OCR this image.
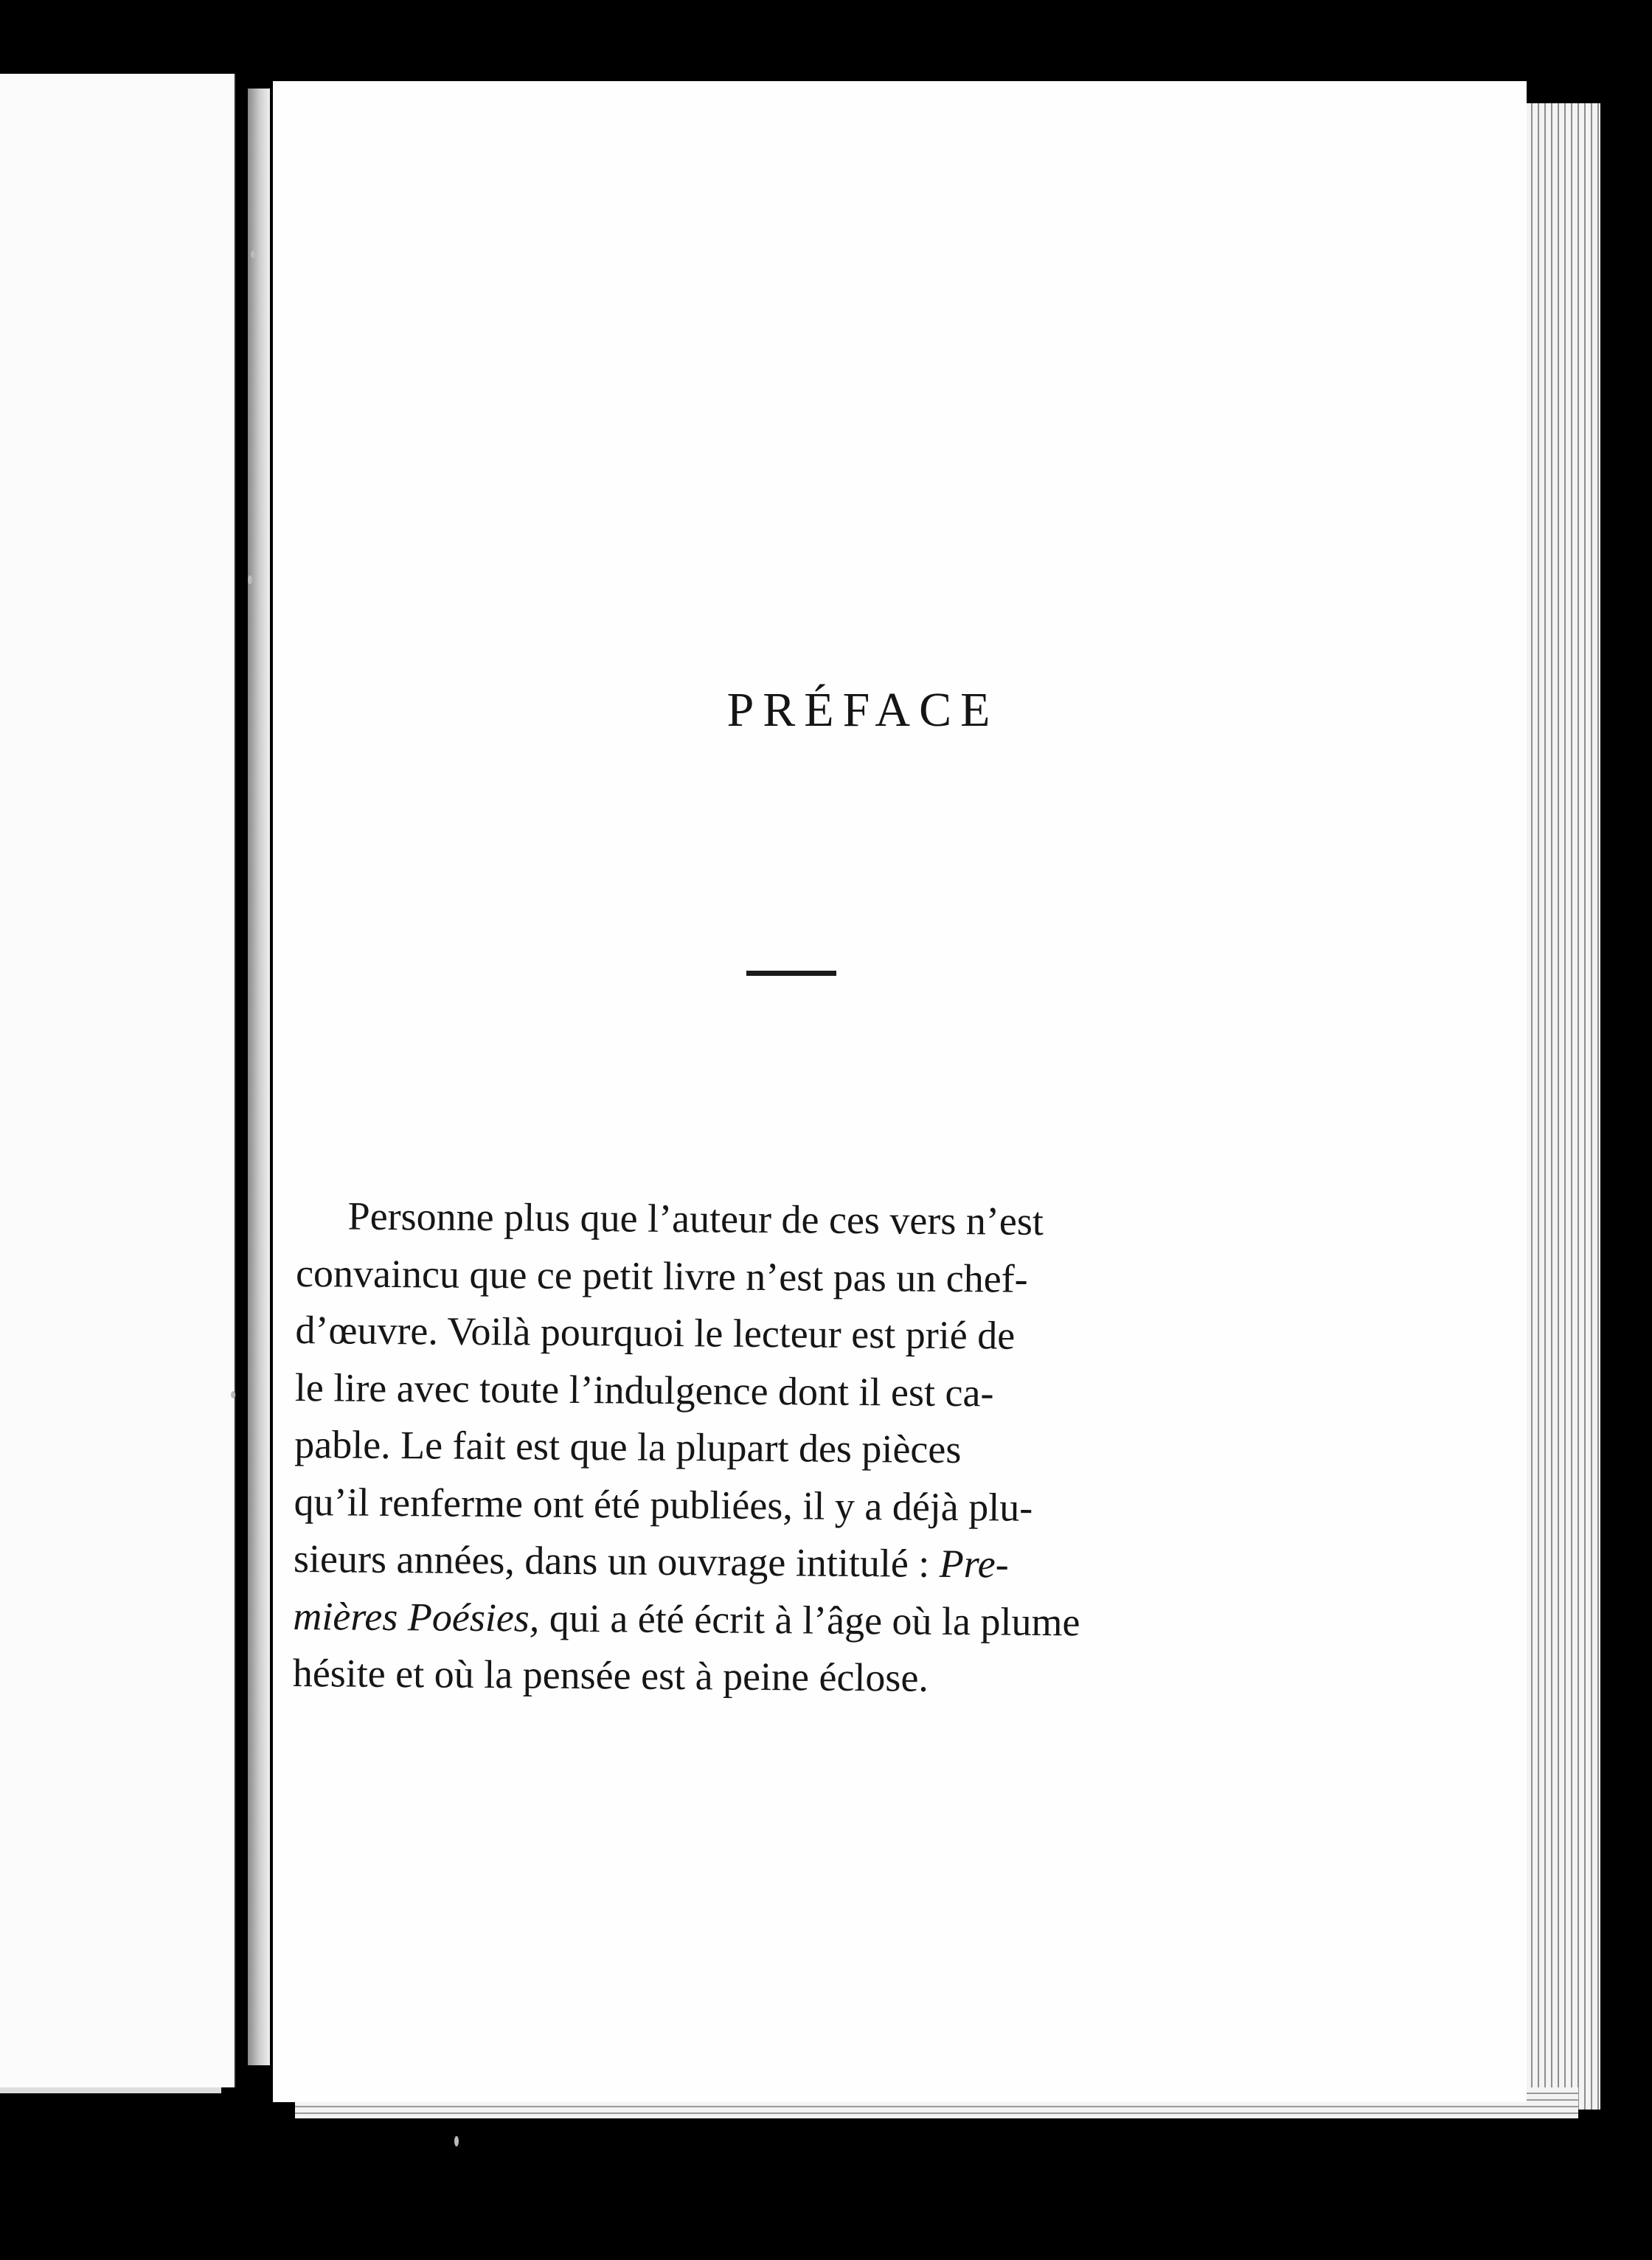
PRÉFACE
Personne plus que l’auteur de ces vers n’est
convaincu que ce petit livre n’est pas un chef-
d’œuvre. Voilà pourquoi le lecteur est prié de
le lire avec toute l’indulgence dont il est ca-
pable. Le fait est que la plupart des pièces
qu’il renferme ont été publiées, il y a déjà plu-
sieurs années, dans un ouvrage intitulé : Pre-
mières Poésies, qui a été écrit à l’âge où la plume
hésite et où la pensée est à peine éclose.
